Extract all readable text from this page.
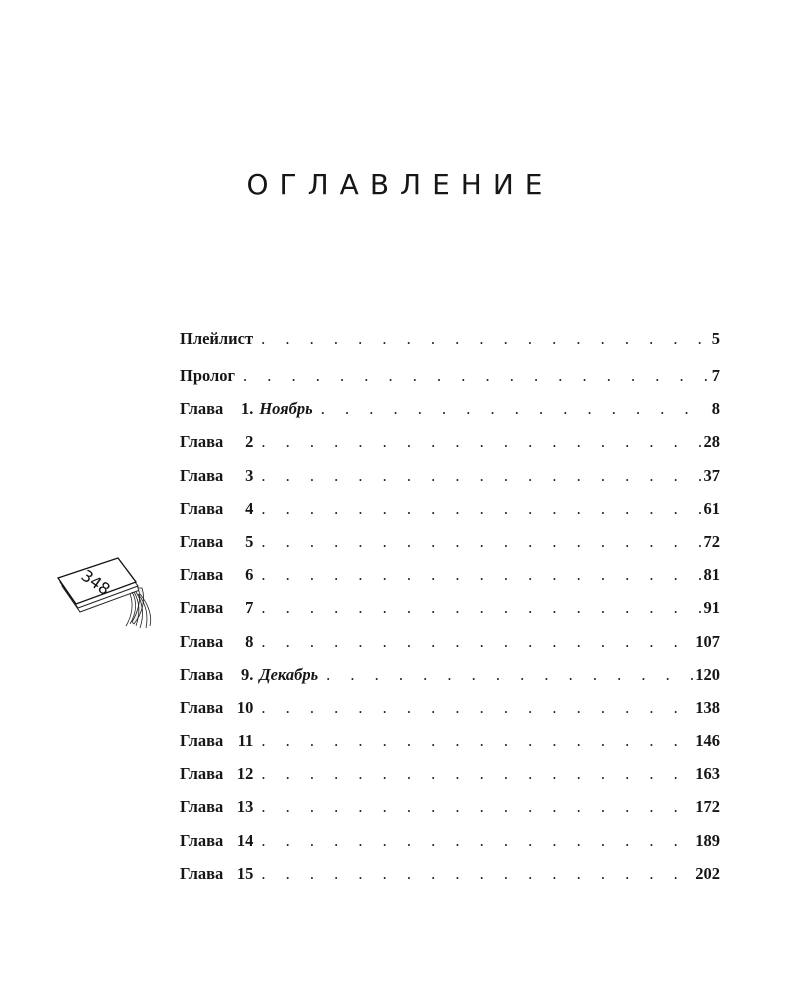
ОГЛАВЛЕНИЕ
348
Плейлист . . .	5
Пролог . . .	7
Глава 1. Ноябрь . . .	8
Глава 2 . . .	28
Глава 3 . . .	37
Глава 4 . . .	61
Глава 5 . . .	72
Глава 6 . . .	81
Глава 7 . . .	91
Глава 8 . . .	107
Глава 9. Декабрь . . .	120
Глава 10 . . .	138
Глава 11 . . .	146
Глава 12 . . .	163
Глава 13 . . .	172
Глава 14 . . .	189
Глава 15 . . .	202
